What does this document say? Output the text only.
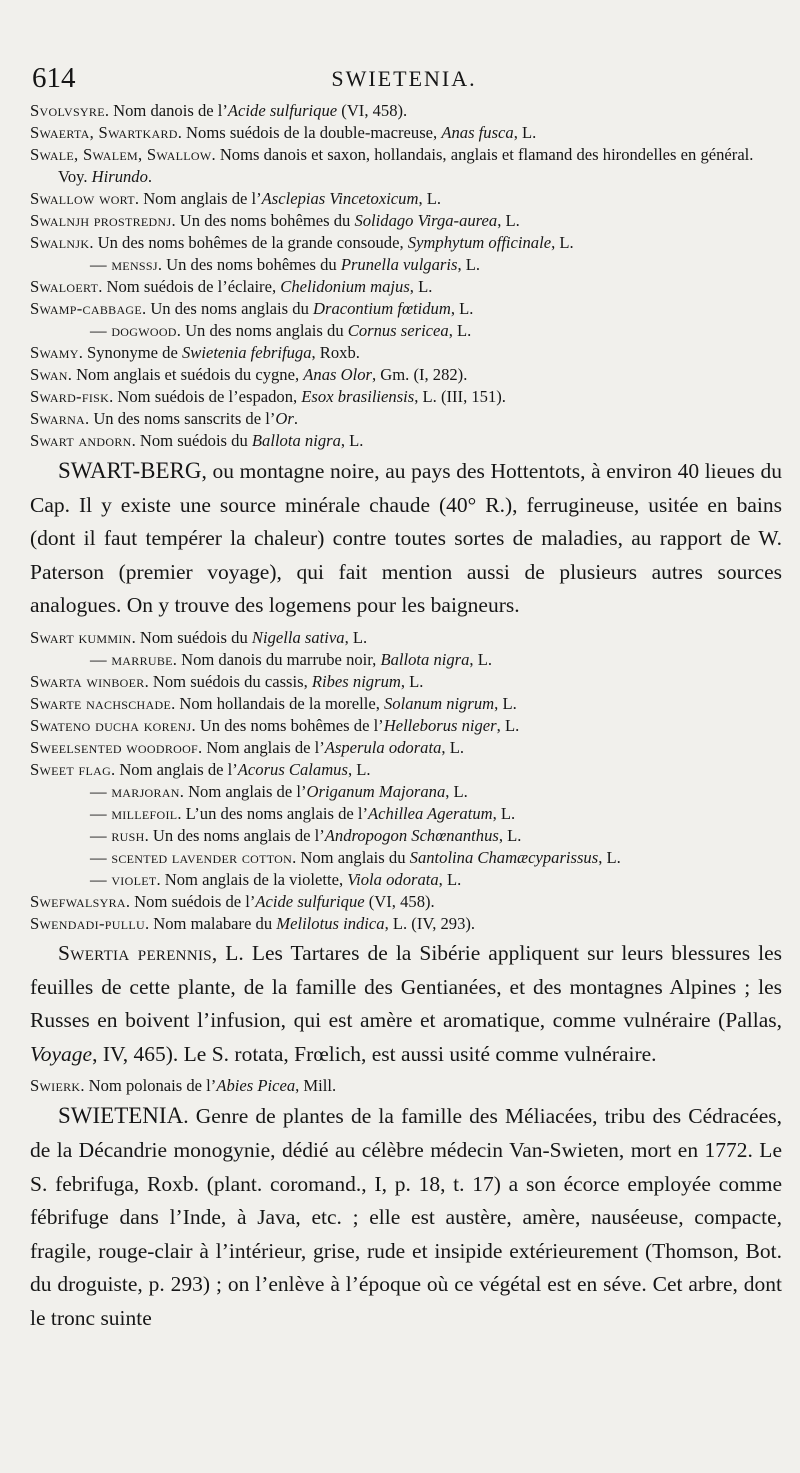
614	SWIETENIA.

Svolvsyre. Nom danois de l’Acide sulfurique (VI, 458).

Swaerta, Swartkard. Noms suédois de la double-macreuse, Anas fusca, L.

Swale, Swalem, Swallow. Noms danois et saxon, hollandais, anglais et flamand des hirondelles en général. Voy. Hirundo.

Swallow wort. Nom anglais de l’Asclepias Vincetoxicum, L.

Swalnjh prostrednj. Un des noms bohêmes du Solidago Virga-aurea, L.

Swalnjk. Un des noms bohêmes de la grande consoude, Symphytum officinale, L.

— menssj. Un des noms bohêmes du Prunella vulgaris, L.

Swaloert. Nom suédois de l’éclaire, Chelidonium majus, L.

Swamp-cabbage. Un des noms anglais du Dracontium fœtidum, L.

— dogwood. Un des noms anglais du Cornus sericea, L.

Swamy. Synonyme de Swietenia febrifuga, Roxb.

Swan. Nom anglais et suédois du cygne, Anas Olor, Gm. (I, 282).

Sward-fisk. Nom suédois de l’espadon, Esox brasiliensis, L. (III, 151).

Swarna. Un des noms sanscrits de l’Or.

Swart andorn. Nom suédois du Ballota nigra, L.

SWART-BERG, ou montagne noire, au pays des Hottentots, à environ 40 lieues du Cap. Il y existe une source minérale chaude (40° R.), ferrugineuse, usitée en bains (dont il faut tempérer la chaleur) contre toutes sortes de maladies, au rapport de W. Paterson (premier voyage), qui fait mention aussi de plusieurs autres sources analogues. On y trouve des logemens pour les baigneurs.

Swart kummin. Nom suédois du Nigella sativa, L.

— marrube. Nom danois du marrube noir, Ballota nigra, L.

Swarta winboer. Nom suédois du cassis, Ribes nigrum, L.

Swarte nachschade. Nom hollandais de la morelle, Solanum nigrum, L.

Swateno ducha korenj. Un des noms bohêmes de l’Helleborus niger, L.

Sweelsented woodroof. Nom anglais de l’Asperula odorata, L.

Sweet flag. Nom anglais de l’Acorus Calamus, L.

— marjoran. Nom anglais de l’Origanum Majorana, L.

— millefoil. L’un des noms anglais de l’Achillea Ageratum, L.

— rush. Un des noms anglais de l’Andropogon Schœnanthus, L.

— scented lavender cotton. Nom anglais du Santolina Chamæcyparissus, L.

— violet. Nom anglais de la violette, Viola odorata, L.

Swefwalsyra. Nom suédois de l’Acide sulfurique (VI, 458).

Swendadi-pullu. Nom malabare du Melilotus indica, L. (IV, 293).

Swertia perennis, L. Les Tartares de la Sibérie appliquent sur leurs blessures les feuilles de cette plante, de la famille des Gentianées, et des montagnes Alpines ; les Russes en boivent l’infusion, qui est amère et aromatique, comme vulnéraire (Pallas, Voyage, IV, 465). Le S. rotata, Frœlich, est aussi usité comme vulnéraire.

Swierk. Nom polonais de l’Abies Picea, Mill.

SWIETENIA. Genre de plantes de la famille des Méliacées, tribu des Cédracées, de la Décandrie monogynie, dédié au célèbre médecin Van-Swieten, mort en 1772. Le S. febrifuga, Roxb. (plant. coromand., I, p. 18, t. 17) a son écorce employée comme fébrifuge dans l’Inde, à Java, etc. ; elle est austère, amère, nauséeuse, compacte, fragile, rouge-clair à l’intérieur, grise, rude et insipide extérieurement (Thomson, Bot. du droguiste, p. 293) ; on l’enlève à l’époque où ce végétal est en séve. Cet arbre, dont le tronc suinte
